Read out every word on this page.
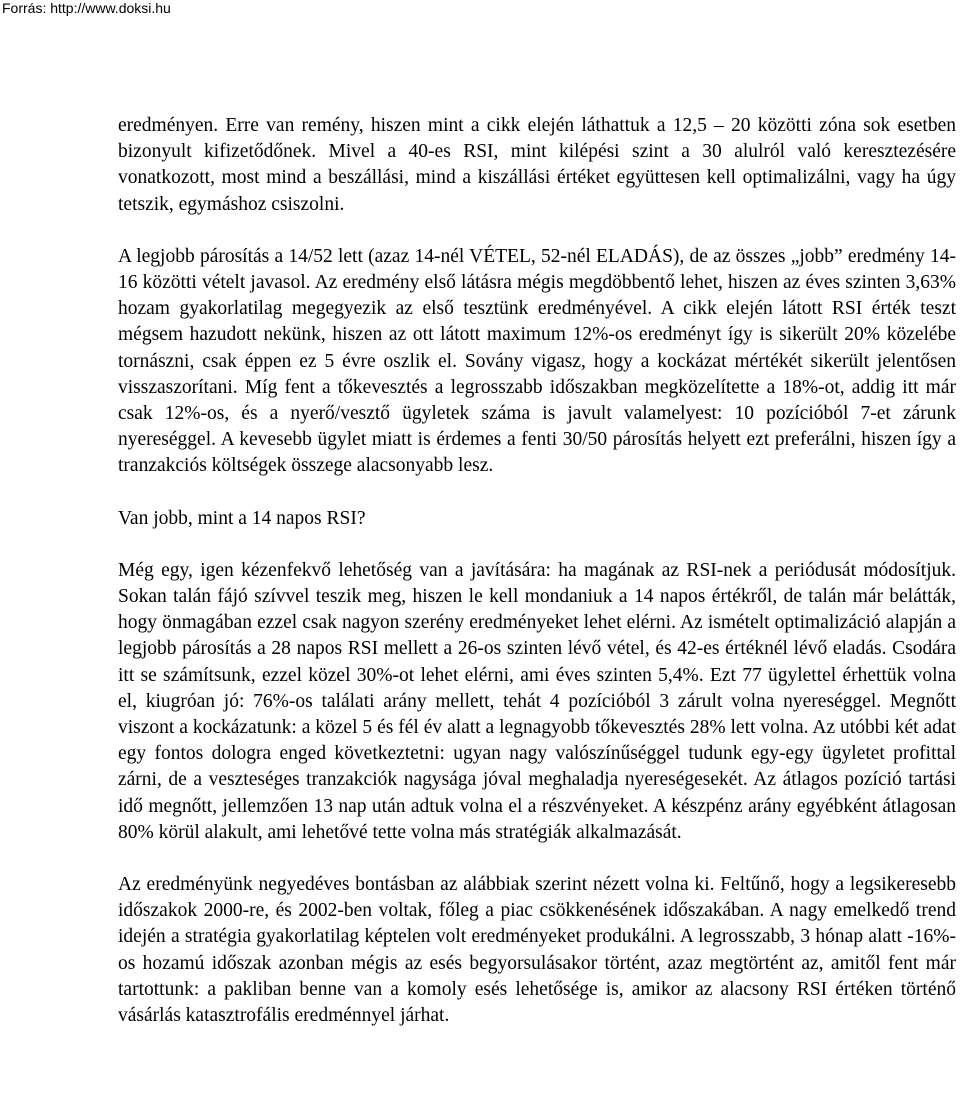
Forrás: http://www.doksi.hu

eredményen. Erre van remény, hiszen mint a cikk elején láthattuk a 12,5 – 20 közötti zóna sok esetben bizonyult kifizetődőnek. Mivel a 40-es RSI, mint kilépési szint a 30 alulról való keresztezésére vonatkozott, most mind a beszállási, mind a kiszállási értéket együttesen kell optimalizálni, vagy ha úgy tetszik, egymáshoz csiszolni.

A legjobb párosítás a 14/52 lett (azaz 14-nél VÉTEL, 52-nél ELADÁS), de az összes „jobb” eredmény 14-16 közötti vételt javasol. Az eredmény első látásra mégis megdöbbentő lehet, hiszen az éves szinten 3,63% hozam gyakorlatilag megegyezik az első tesztünk eredményével. A cikk elején látott RSI érték teszt mégsem hazudott nekünk, hiszen az ott látott maximum 12%-os eredményt így is sikerült 20% közelébe tornászni, csak éppen ez 5 évre oszlik el. Sovány vigasz, hogy a kockázat mértékét sikerült jelentősen visszaszorítani. Míg fent a tőkevesztés a legrosszabb időszakban megközelítette a 18%-ot, addig itt már csak 12%-os, és a nyerő/vesztő ügyletek száma is javult valamelyest: 10 pozícióból 7-et zárunk nyereséggel. A kevesebb ügylet miatt is érdemes a fenti 30/50 párosítás helyett ezt preferálni, hiszen így a tranzakciós költségek összege alacsonyabb lesz.

Van jobb, mint a 14 napos RSI?

Még egy, igen kézenfekvő lehetőség van a javítására: ha magának az RSI-nek a periódusát módosítjuk. Sokan talán fájó szívvel teszik meg, hiszen le kell mondaniuk a 14 napos értékről, de talán már belátták, hogy önmagában ezzel csak nagyon szerény eredményeket lehet elérni. Az ismételt optimalizáció alapján a legjobb párosítás a 28 napos RSI mellett a 26-os szinten lévő vétel, és 42-es értéknél lévő eladás. Csodára itt se számítsunk, ezzel közel 30%-ot lehet elérni, ami éves szinten 5,4%. Ezt 77 ügylettel érhettük volna el, kiugróan jó: 76%-os találati arány mellett, tehát 4 pozícióból 3 zárult volna nyereséggel. Megnőtt viszont a kockázatunk: a közel 5 és fél év alatt a legnagyobb tőkevesztés 28% lett volna. Az utóbbi két adat egy fontos dologra enged következtetni: ugyan nagy valószínűséggel tudunk egy-egy ügyletet profittal zárni, de a veszteséges tranzakciók nagysága jóval meghaladja nyereségesekét. Az átlagos pozíció tartási idő megnőtt, jellemzően 13 nap után adtuk volna el a részvényeket. A készpénz arány egyébként átlagosan 80% körül alakult, ami lehetővé tette volna más stratégiák alkalmazását.

Az eredményünk negyedéves bontásban az alábbiak szerint nézett volna ki. Feltűnő, hogy a legsikeresebb időszakok 2000-re, és 2002-ben voltak, főleg a piac csökkenésének időszakában. A nagy emelkedő trend idején a stratégia gyakorlatilag képtelen volt eredményeket produkálni. A legrosszabb, 3 hónap alatt -16%-os hozamú időszak azonban mégis az esés begyorsulásakor történt, azaz megtörtént az, amitől fent már tartottunk: a pakliban benne van a komoly esés lehetősége is, amikor az alacsony RSI értéken történő vásárlás katasztrofális eredménnyel járhat.
